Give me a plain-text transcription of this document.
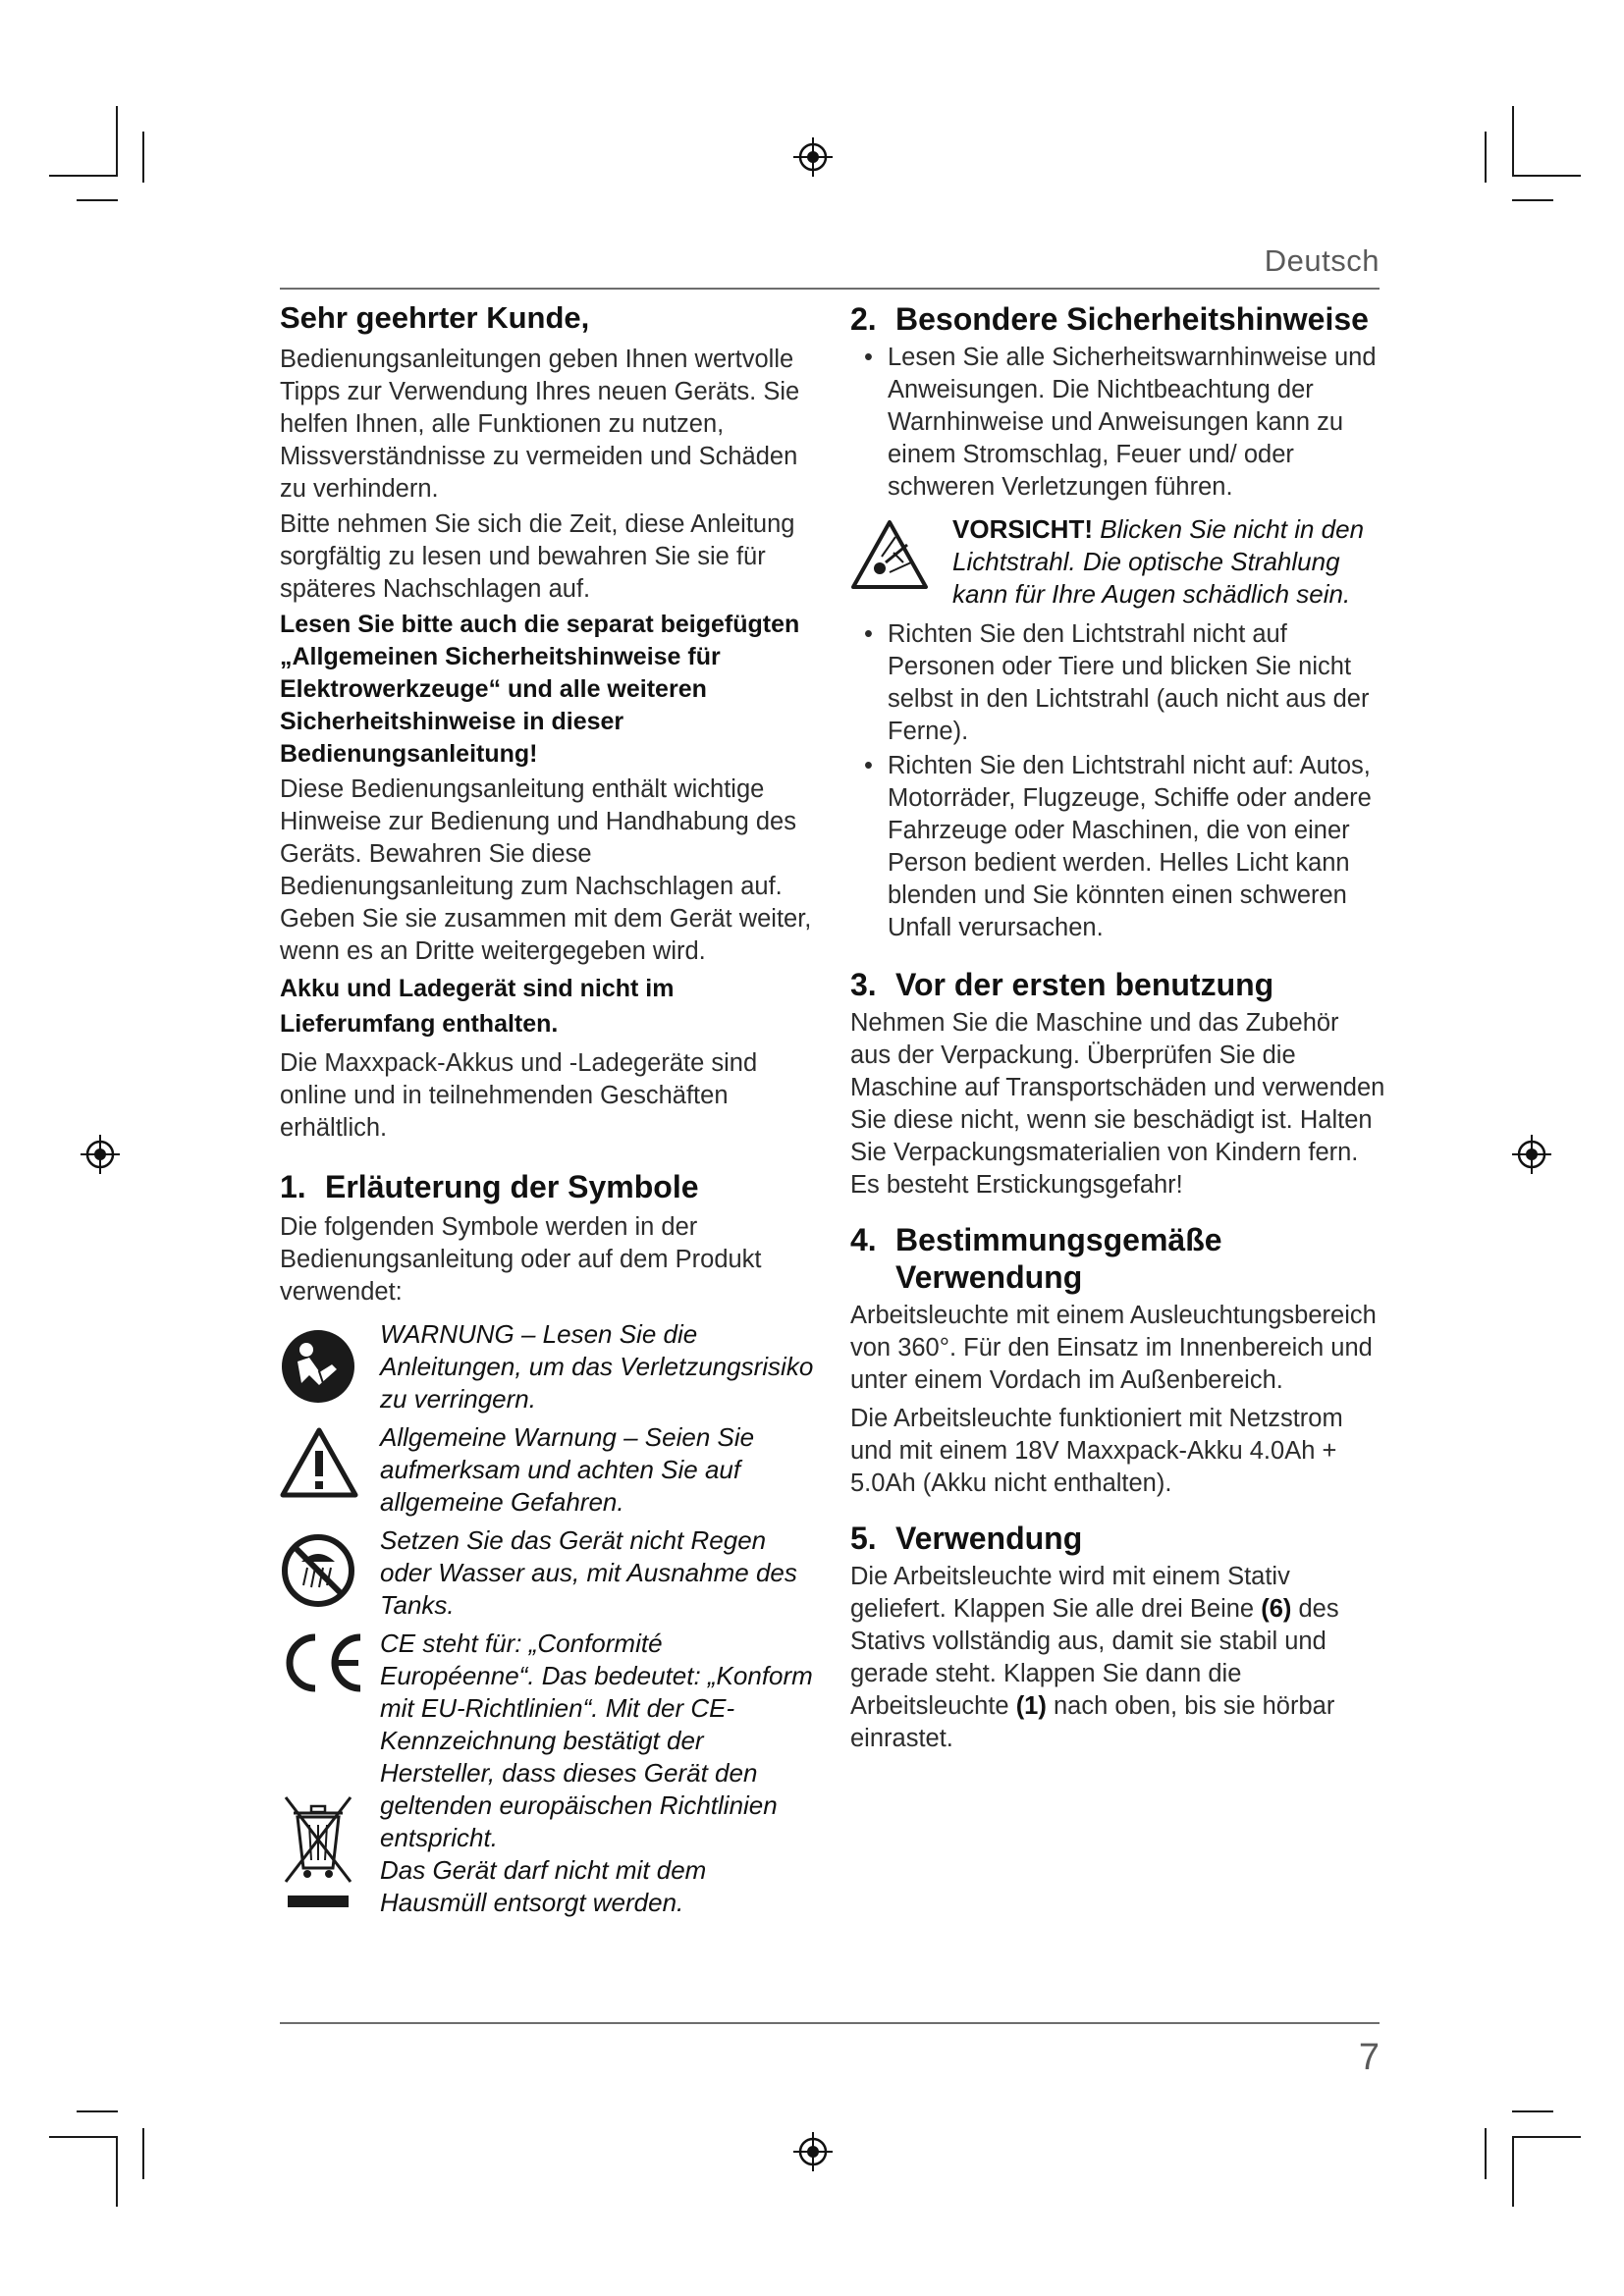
Deutsch

Sehr geehrter Kunde,

Bedienungsanleitungen geben Ihnen wertvolle Tipps zur Verwendung Ihres neuen Geräts. Sie helfen Ihnen, alle Funktionen zu nutzen, Missverständnisse zu vermeiden und Schäden zu verhindern.

Bitte nehmen Sie sich die Zeit, diese Anleitung sorgfältig zu lesen und bewahren Sie sie für späteres Nachschlagen auf.

Lesen Sie bitte auch die separat beigefügten „Allgemeinen Sicherheitshinweise für Elektrowerkzeuge“ und alle weiteren Sicherheitshinweise in dieser Bedienungsanleitung!

Diese Bedienungsanleitung enthält wichtige Hinweise zur Bedienung und Handhabung des Geräts. Bewahren Sie diese Bedienungsanleitung zum Nachschlagen auf. Geben Sie sie zusammen mit dem Gerät weiter, wenn es an Dritte weitergegeben wird.

Akku und Ladegerät sind nicht im Lieferumfang enthalten.

Die Maxxpack-Akkus und -Ladegeräte sind online und in teilnehmenden Geschäften erhältlich.

1. Erläuterung der Symbole

Die folgenden Symbole werden in der Bedienungsanleitung oder auf dem Produkt verwendet:

WARNUNG – Lesen Sie die Anleitungen, um das Verletzungsrisiko zu verringern.
Allgemeine Warnung – Seien Sie aufmerksam und achten Sie auf allgemeine Gefahren.
Setzen Sie das Gerät nicht Regen oder Wasser aus, mit Ausnahme des Tanks.
CE steht für: „Conformité Européenne“. Das bedeutet: „Konform mit EU-Richtlinien“. Mit der CE-Kennzeichnung bestätigt der Hersteller, dass dieses Gerät den geltenden europäischen Richtlinien entspricht.
Das Gerät darf nicht mit dem Hausmüll entsorgt werden.
2. Besondere Sicherheitshinweise
• Lesen Sie alle Sicherheitswarnhinweise und Anweisungen. Die Nichtbeachtung der Warnhinweise und Anweisungen kann zu einem Stromschlag, Feuer und/ oder schweren Verletzungen führen.
VORSICHT! Blicken Sie nicht in den Lichtstrahl. Die optische Strahlung kann für Ihre Augen schädlich sein.
• Richten Sie den Lichtstrahl nicht auf Personen oder Tiere und blicken Sie nicht selbst in den Lichtstrahl (auch nicht aus der Ferne).
• Richten Sie den Lichtstrahl nicht auf: Autos, Motorräder, Flugzeuge, Schiffe oder andere Fahrzeuge oder Maschinen, die von einer Person bedient werden. Helles Licht kann blenden und Sie könnten einen schweren Unfall verursachen.
3. Vor der ersten benutzung

Nehmen Sie die Maschine und das Zubehör aus der Verpackung. Überprüfen Sie die Maschine auf Transportschäden und verwenden Sie diese nicht, wenn sie beschädigt ist. Halten Sie Verpackungsmaterialien von Kindern fern. Es besteht Erstickungsgefahr!

4. Bestimmungsgemäße Verwendung

Arbeitsleuchte mit einem Ausleuchtungsbereich von 360°. Für den Einsatz im Innenbereich und unter einem Vordach im Außenbereich.

Die Arbeitsleuchte funktioniert mit Netzstrom und mit einem 18V Maxxpack-Akku 4.0Ah + 5.0Ah (Akku nicht enthalten).

5. Verwendung

Die Arbeitsleuchte wird mit einem Stativ geliefert. Klappen Sie alle drei Beine (6) des Stativs vollständig aus, damit sie stabil und gerade steht. Klappen Sie dann die Arbeitsleuchte (1) nach oben, bis sie hörbar einrastet.

7
